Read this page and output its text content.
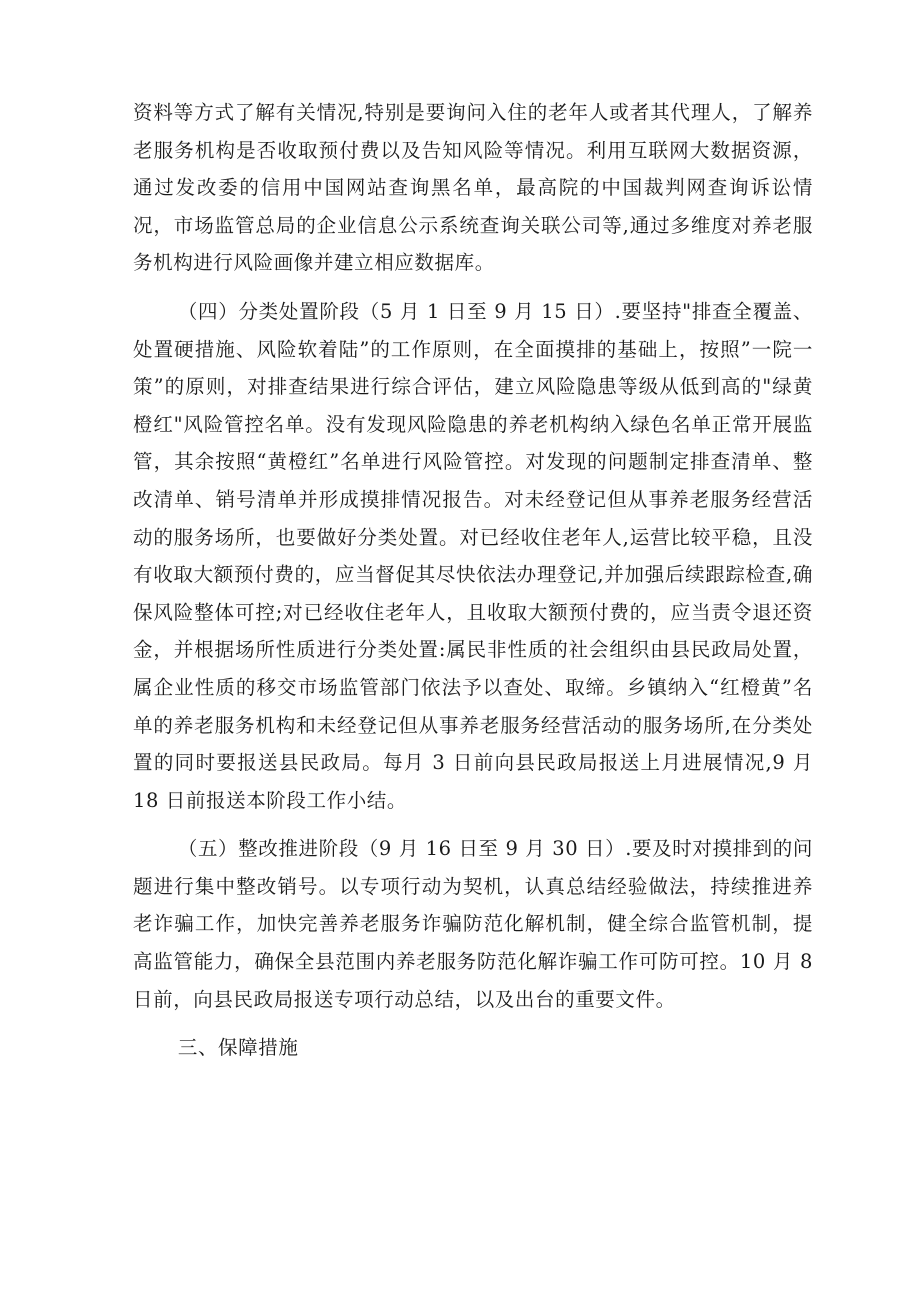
资料等方式了解有关情况,特别是要询问入住的老年人或者其代理人，了解养老服务机构是否收取预付费以及告知风险等情况。利用互联网大数据资源，通过发改委的信用中国网站查询黑名单，最高院的中国裁判网查询诉讼情况，市场监管总局的企业信息公示系统查询关联公司等,通过多维度对养老服务机构进行风险画像并建立相应数据库。

（四）分类处置阶段（5 月 1 日至 9 月 15 日）.要坚持"排查全覆盖、处置硬措施、风险软着陆”的工作原则，在全面摸排的基础上，按照”一院一策”的原则，对排查结果进行综合评估，建立风险隐患等级从低到高的"绿黄橙红"风险管控名单。没有发现风险隐患的养老机构纳入绿色名单正常开展监管，其余按照“黄橙红”名单进行风险管控。对发现的问题制定排查清单、整改清单、销号清单并形成摸排情况报告。对未经登记但从事养老服务经营活动的服务场所，也要做好分类处置。对已经收住老年人,运营比较平稳，且没有收取大额预付费的，应当督促其尽快依法办理登记,并加强后续跟踪检查,确保风险整体可控;对已经收住老年人，且收取大额预付费的，应当责令退还资金，并根据场所性质进行分类处置:属民非性质的社会组织由县民政局处置，属企业性质的移交市场监管部门依法予以查处、取缔。乡镇纳入“红橙黄”名单的养老服务机构和未经登记但从事养老服务经营活动的服务场所,在分类处置的同时要报送县民政局。每月 3 日前向县民政局报送上月进展情况,9 月 18 日前报送本阶段工作小结。

（五）整改推进阶段（9 月 16 日至 9 月 30 日）.要及时对摸排到的问题进行集中整改销号。以专项行动为契机，认真总结经验做法，持续推进养老诈骗工作，加快完善养老服务诈骗防范化解机制，健全综合监管机制，提高监管能力，确保全县范围内养老服务防范化解诈骗工作可防可控。10 月 8 日前，向县民政局报送专项行动总结，以及出台的重要文件。

三、保障措施
